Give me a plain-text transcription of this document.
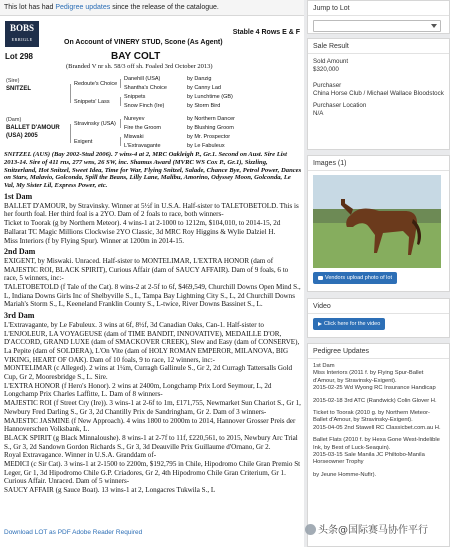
This lot has had Pedigree updates since the release of the catalogue.
BOBS
ERRIGLE
Lot 298
Stable 4 Rows E & F
On Account of VINERY STUD, Scone (As Agent)
BAY COLT
(Branded V nr sh. 58/3 off sh. Foaled 3rd October 2013)
(Sire)
SNITZEL
(Dam)
BALLET D'AMOUR (USA) 2005
Redoute's Choice
Snippets' Lass
Stravinsky (USA)
Exigent
Danehill (USA)
Shantha's Choice
Snippets
Snow Finch (Ire)
Nureyev
Fire the Groom
Miswaki
L'Extravagante
by Danzig
by Canny Lad
by Lunchtime (GB)
by Storm Bird
by Northern Dancer
by Blushing Groom
by Mr. Prospector
by Le Fabuleux

SNITZEL (AUS) (Bay 2002-Stud 2006). 7 wins-4 at 2, MRC Oakleigh P., Gr.1. Second on Aust. Sire List 2013-14. Sire of 411 rns, 277 wns, 26 SW, inc. Shamus Award (MVRC WS Cox P., Gr.1), Sizzling, Snitzerland, Hot Snitzel, Sweet Idea, Time for War, Flying Snitzel, Salade, Chance Bye, Petrol Power, Dances on Stars, Malavio, Golconda, Spill the Beans, Lilly Lane, Malibu, Amorino, Odyssey Moon, Golconda, Le Val, My Sister Lil, Express Power, etc.

1st Dam

BALLET D'AMOUR, by Stravinsky. Winner at 5½f in U.S.A. Half-sister to TALETOBETOLD. This is her fourth foal. Her third foal is a 2YO. Dam of 2 foals to race, both winners-

Ticket to Toorak (g by Northern Meteor). 4 wins-1 at 2-1000 to 1212m, $104,010, to 2014-15, 2d Ballarat TC Magic Millions Clockwise 2YO Classic, 3d MRC Roy Higgins & Wylie Dalziel H.

Miss Interiors (f by Flying Spur). Winner at 1200m in 2014-15.

2nd Dam

EXIGENT, by Miswaki. Unraced. Half-sister to MONTELIMAR, L'EXTRA HONOR (dam of MAJESTIC ROI, BLACK SPIRIT), Curious Affair (dam of SAUCY AFFAIR). Dam of 9 foals, 6 to race, 5 winners, inc:-

TALETOBETOLD (f Tale of the Cat). 8 wins-2 at 2-5f to 6f, $469,549, Churchill Downs Open Mind S., L, Indiana Downs Girls Inc of Shelbyville S., L, Tampa Bay Lightning City S., L, 2d Churchill Downs Mariah's Storm S., L, Keeneland Franklin County S., L-twice, River Downs Bassinet S., L.

3rd Dam

L'Extravagante, by Le Fabuleux. 3 wins at 6f, 8½f, 3d Canadian Oaks, Can-1. Half-sister to L'ENJOLEUR, LA VOYAGEUSE (dam of TIME BANDIT, INNOVATIVE), MEDAILLE D'OR, D'ACCORD, GRAND LUXE (dam of SMACKOVER CREEK), Slew and Easy (dam of CONSERVE), La Pepite (dam of SOLDERA), L'On Vite (dam of HOLY ROMAN EMPEROR, MILANOVA, BIG VIKING, HEART OF OAK). Dam of 10 foals, 9 to race, 12 winners, inc:-

MONTELIMAR (c Alleged). 2 wins at 1¼m, Curragh Gallinule S., Gr 2, 2d Curragh Tattersalls Gold Cup, Gr 2, Mooresbridge S., L. Sire.

L'EXTRA HONOR (f Hero's Honor). 2 wins at 2400m, Longchamp Prix Lord Seymour, L, 2d Longchamp Prix Charles Laffitte, L. Dam of 8 winners-

MAJESTIC ROI (f Street Cry (Ire)). 3 wins-1 at 2-6f to 1m, £171,755, Newmarket Sun Chariot S., Gr 1, Newbury Fred Darling S., Gr 3, 2d Chantilly Prix de Sandringham, Gr 2. Dam of 3 winners-

MAJESTIC JASMINE (f New Approach). 4 wins 1800 to 2000m to 2014, Hannover Grosser Preis der Hannoverschen Volksbank, L.

BLACK SPIRIT (g Black Minnaloushe). 8 wins-1 at 2-7f to 11f, £220,561, to 2015, Newbury Arc Trial S., Gr 3, 2d Sandown Gordon Richards S., Gr 3, 3d Deauville Prix Guillaume d'Ornano, Gr 2.

Royal Extravagance. Winner in U.S.A. Granddam of-

MEDICI (c Sir Cat). 3 wins-1 at 2-1500 to 2200m, $192,795 in Chile, Hipodromo Chile Gran Premio St Leger, Gr 1, 3d Hipodromo Chile G.P. Criadores, Gr 2, 4th Hipodromo Chile Gran Criterium, Gr 1.

Curious Affair. Unraced. Dam of 5 winners-

SAUCY AFFAIR (g Sauce Boat). 13 wins-1 at 2, Longacres Tukwila S., L

Download LOT as PDF Adobe Reader Required
Jump to Lot
Sale Result
Sold Amount
$320,000
Purchaser
China Horse Club / Michael Wallace Bloodstock
Purchaser Location
N/A
Images (1)
Vendors upload photo of lot
Video
Click here for the video
Pedigree Updates
1st Dam
Miss Interiors (2011 f. by Flying Spur-Ballet d'Amour, by Stravinsky-Exigent).
2015-02-25 Wd Wyong RC Insurance Handicap
2015-02-18 3rd ATC (Randwick) Colin Glover H.
Ticket to Toorak (2010 g. by Northern Meteor-Ballet d'Amour, by Stravinsky-Exigent).
2015-04-05 2nd Stawell RC Classicbet.com.au H.
Ballet Flats (2010 f. by Hexa Gone West-Indelible Ink, by Best of Luck-Seaquin).
2015-03-15 Sale Manila JC Philtobo-Manila Horseowner Trophy
by Jeune Homme-Nufir).
头条@国际赛马协作平行
